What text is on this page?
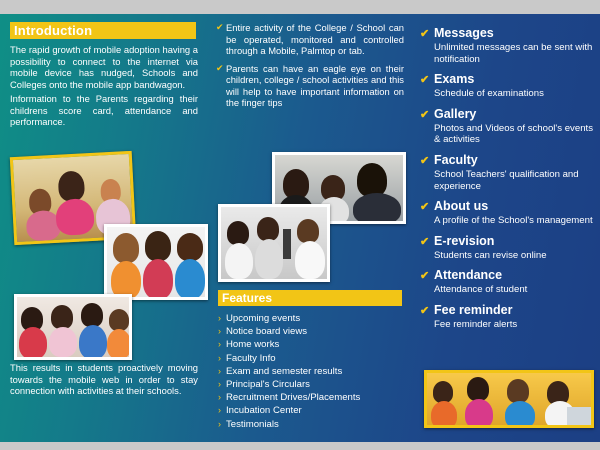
Introduction

The rapid growth of mobile adoption having a possibility to connect to the internet via mobile device has nudged, Schools and Colleges onto the mobile app bandwagon.

Information to the Parents regarding their childrens score card, attendance and performance.

This results in students proactively moving towards the mobile web in order to stay connection with activities at their schools.

✔ Entire activity of the College / School can be operated, monitored and controlled through a Mobile, Palmtop or tab.
✔ Parents can have an eagle eye on their children, college / school activities and this will help to have important information on the finger tips
Features
› Upcoming events
› Notice board views
› Home works
› Faculty Info
› Exam and semester results
› Principal's Circulars
› Recruitment Drives/Placements
› Incubation Center
› Testimonials
✔ Messages
Unlimited messages can be sent with notification
✔ Exams
Schedule of examinations
✔ Gallery
Photos and Videos of school's events & activities
✔ Faculty
School Teachers' qualification and experience
✔ About us
A profile of the School's management
✔ E-revision
Students can revise online
✔ Attendance
Attendance of student
✔ Fee reminder
Fee reminder alerts
